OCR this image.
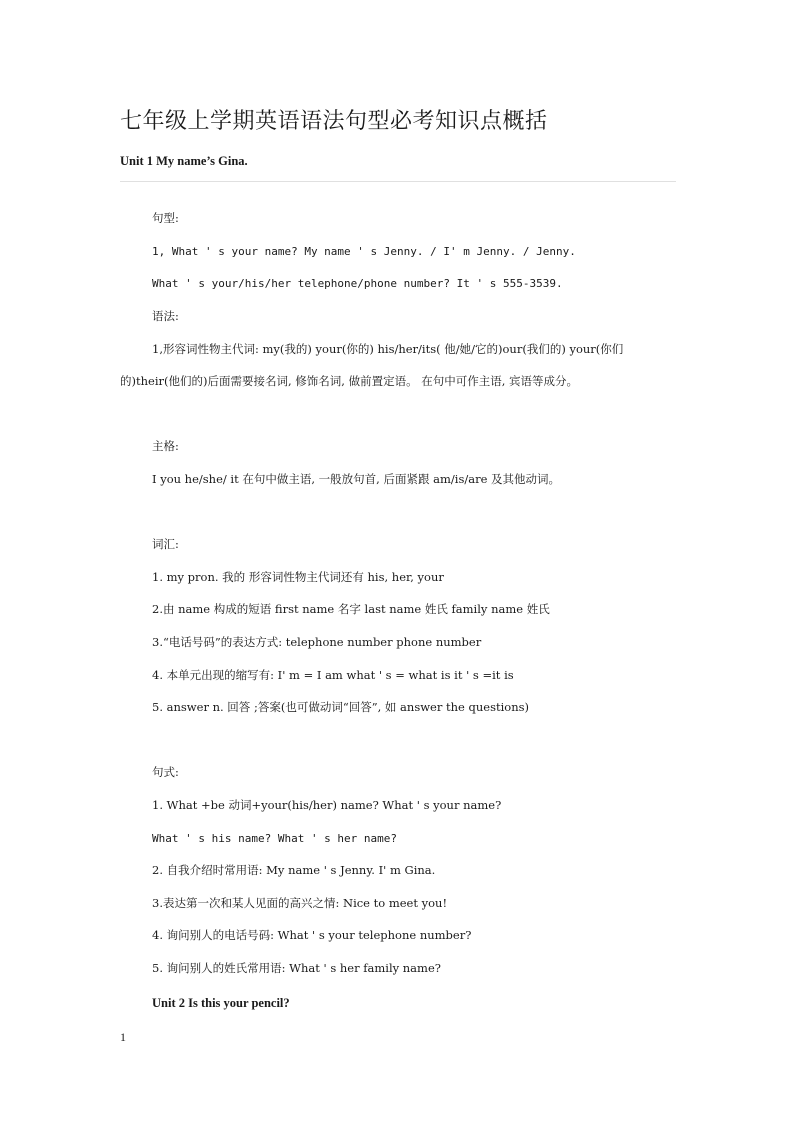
七年级上学期英语语法句型必考知识点概括
Unit 1 My name’s Gina.
句型:
1, What ' s your name? My name ' s Jenny. / I' m Jenny. / Jenny.
What ' s your/his/her telephone/phone number? It ' s 555-3539.
语法:
1,形容词性物主代词: my(我的) your(你的) his/her/its( 他/她/它的)our(我们的) your(你们
的)their(他们的)后面需要接名词, 修饰名词, 做前置定语。 在句中可作主语, 宾语等成分。
主格:
I you he/she/ it 在句中做主语, 一般放句首, 后面紧跟 am/is/are 及其他动词。
词汇:
1. my pron. 我的 形容词性物主代词还有 his, her, your
2.由 name 构成的短语 first name 名字 last name 姓氏 family name 姓氏
3.“电话号码”的表达方式: telephone number phone number
4. 本单元出现的缩写有: I' m = I am what ' s = what is it ' s =it is
5. answer n. 回答 ;答案(也可做动词“回答”, 如 answer the questions)
句式:
1. What +be 动词+your(his/her) name? What ' s your name?
What ' s his name? What ' s her name?
2. 自我介绍时常用语: My name ' s Jenny. I' m Gina.
3.表达第一次和某人见面的高兴之情: Nice to meet you!
4. 询问别人的电话号码: What ' s your telephone number?
5. 询问别人的姓氏常用语: What ' s her family name?
Unit 2 Is this your pencil?
1
